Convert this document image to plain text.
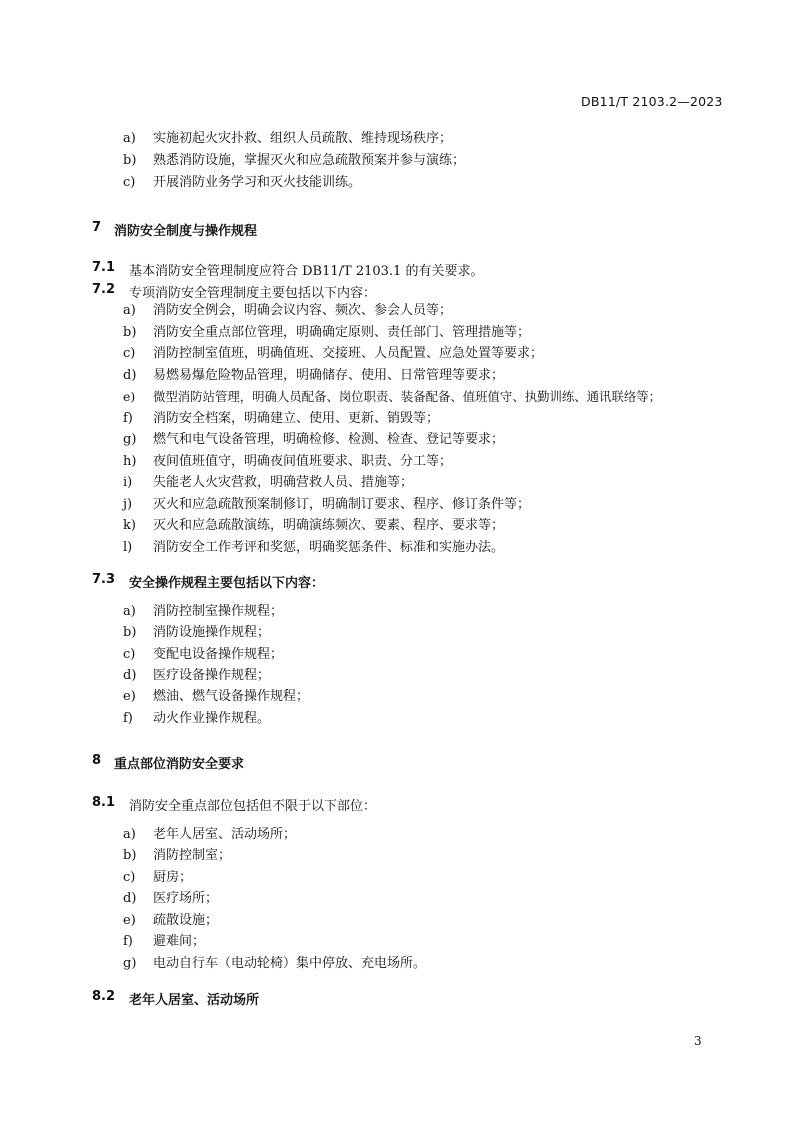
DB11/T 2103.2—2023
a) 实施初起火灾扑救、组织人员疏散、维持现场秩序；
b) 熟悉消防设施，掌握灭火和应急疏散预案并参与演练；
c) 开展消防业务学习和灭火技能训练。
7 消防安全制度与操作规程
7.1 基本消防安全管理制度应符合 DB11/T 2103.1 的有关要求。
7.2 专项消防安全管理制度主要包括以下内容：
a) 消防安全例会，明确会议内容、频次、参会人员等；
b) 消防安全重点部位管理，明确确定原则、责任部门、管理措施等；
c) 消防控制室值班，明确值班、交接班、人员配置、应急处置等要求；
d) 易燃易爆危险物品管理，明确储存、使用、日常管理等要求；
e) 微型消防站管理，明确人员配备、岗位职责、装备配备、值班值守、执勤训练、通讯联络等；
f) 消防安全档案，明确建立、使用、更新、销毁等；
g) 燃气和电气设备管理，明确检修、检测、检查、登记等要求；
h) 夜间值班值守，明确夜间值班要求、职责、分工等；
i) 失能老人火灾营救，明确营救人员、措施等；
j) 灭火和应急疏散预案制修订，明确制订要求、程序、修订条件等；
k) 灭火和应急疏散演练，明确演练频次、要素、程序、要求等；
l) 消防安全工作考评和奖惩，明确奖惩条件、标准和实施办法。
7.3 安全操作规程主要包括以下内容：
a) 消防控制室操作规程；
b) 消防设施操作规程；
c) 变配电设备操作规程；
d) 医疗设备操作规程；
e) 燃油、燃气设备操作规程；
f) 动火作业操作规程。
8 重点部位消防安全要求
8.1 消防安全重点部位包括但不限于以下部位：
a) 老年人居室、活动场所；
b) 消防控制室；
c) 厨房；
d) 医疗场所；
e) 疏散设施；
f) 避难间；
g) 电动自行车（电动轮椅）集中停放、充电场所。
8.2 老年人居室、活动场所
3
